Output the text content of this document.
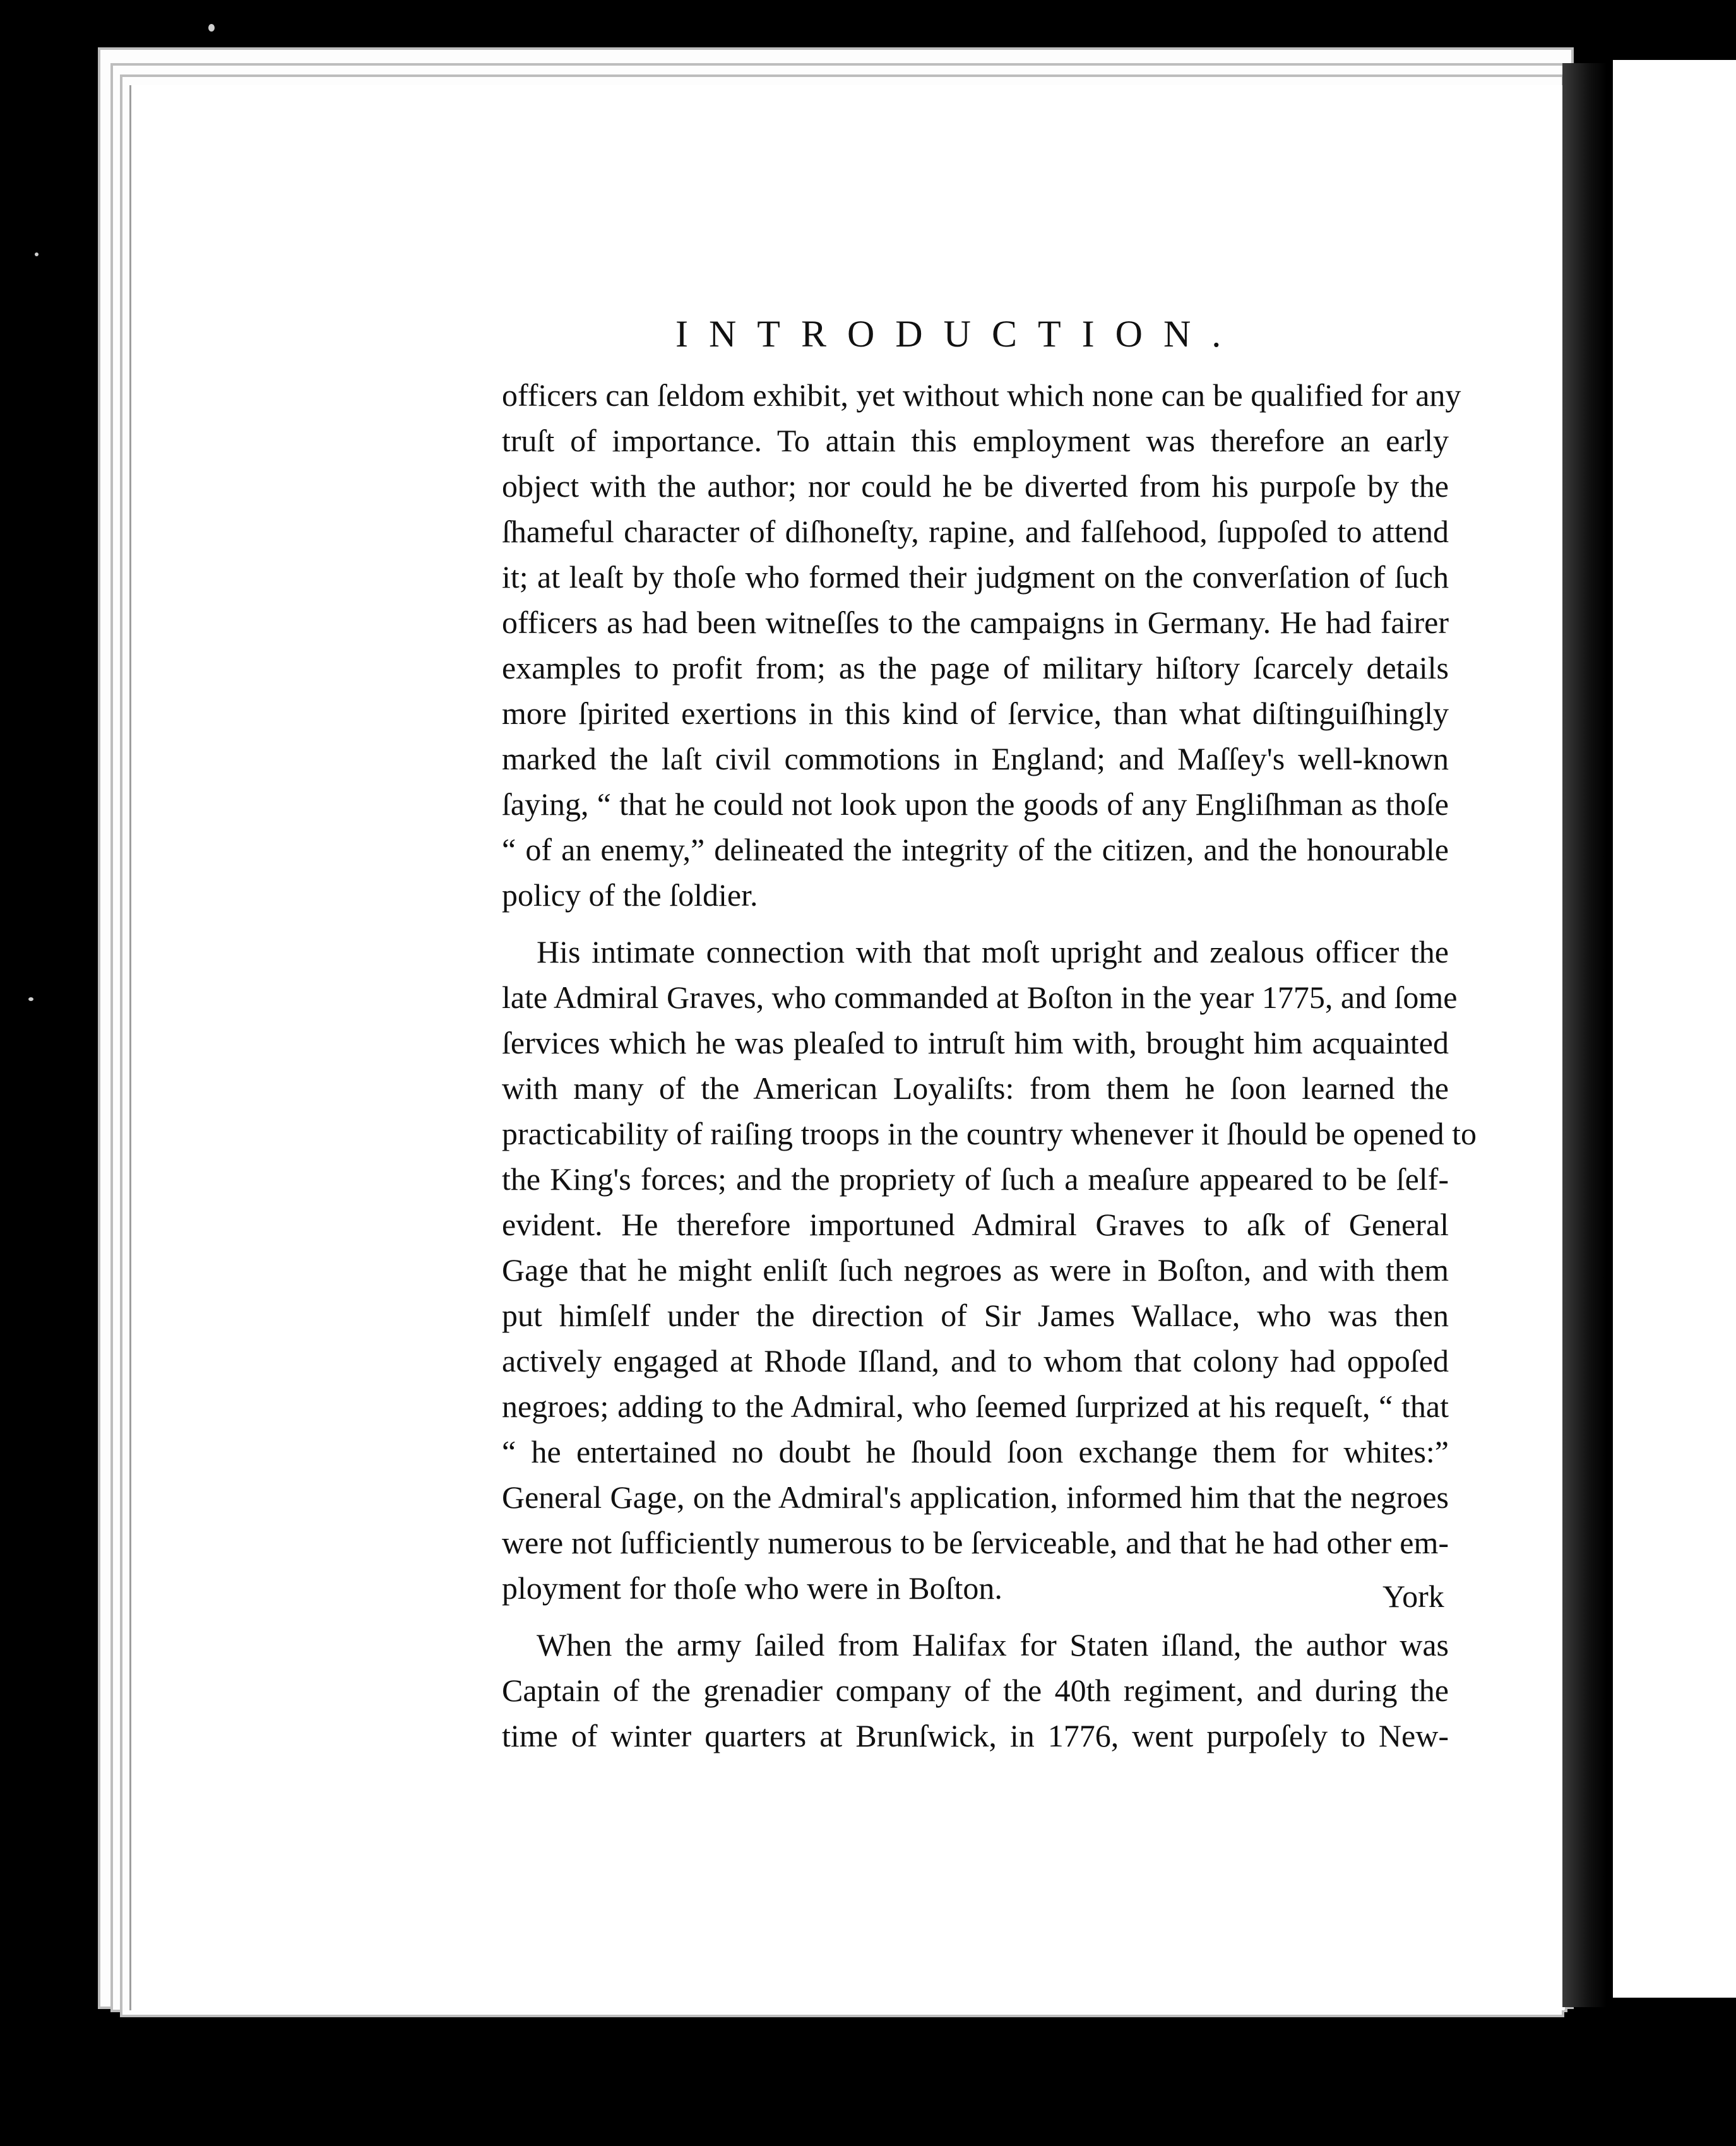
INTRODUCTION.
officers can ſeldom exhibit, yet without which none can be qualified for any
truſt of importance. To attain this employment was therefore an early
object with the author; nor could he be diverted from his purpoſe by the
ſhameful character of diſhoneſty, rapine, and falſehood, ſuppoſed to attend
it; at leaſt by thoſe who formed their judgment on the converſation of ſuch
officers as had been witneſſes to the campaigns in Germany. He had fairer
examples to profit from; as the page of military hiſtory ſcarcely details
more ſpirited exertions in this kind of ſervice, than what diſtinguiſhingly
marked the laſt civil commotions in England; and Maſſey's well-known
ſaying, “ that he could not look upon the goods of any Engliſhman as thoſe
“ of an enemy,” delineated the integrity of the citizen, and the honourable
policy of the ſoldier.
His intimate connection with that moſt upright and zealous officer the
late Admiral Graves, who commanded at Boſton in the year 1775, and ſome
ſervices which he was pleaſed to intruſt him with, brought him acquainted
with many of the American Loyaliſts: from them he ſoon learned the
practicability of raiſing troops in the country whenever it ſhould be opened to
the King's forces; and the propriety of ſuch a meaſure appeared to be ſelf-
evident. He therefore importuned Admiral Graves to aſk of General
Gage that he might enliſt ſuch negroes as were in Boſton, and with them
put himſelf under the direction of Sir James Wallace, who was then
actively engaged at Rhode Iſland, and to whom that colony had oppoſed
negroes; adding to the Admiral, who ſeemed ſurprized at his requeſt, “ that
“ he entertained no doubt he ſhould ſoon exchange them for whites:”
General Gage, on the Admiral's application, informed him that the negroes
were not ſufficiently numerous to be ſerviceable, and that he had other em-
ployment for thoſe who were in Boſton.
When the army ſailed from Halifax for Staten iſland, the author was
Captain of the grenadier company of the 40th regiment, and during the
time of winter quarters at Brunſwick, in 1776, went purpoſely to New-
York
